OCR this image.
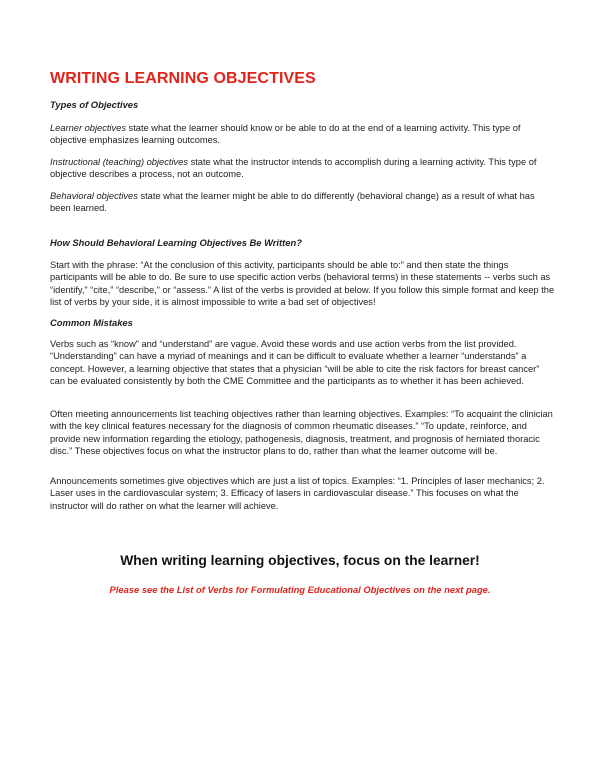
WRITING LEARNING OBJECTIVES

Types of Objectives

Learner objectives state what the learner should know or be able to do at the end of a learning activity. This type of objective emphasizes learning outcomes.

Instructional (teaching) objectives state what the instructor intends to accomplish during a learning activity. This type of objective describes a process, not an outcome.

Behavioral objectives state what the learner might be able to do differently (behavioral change) as a result of what has been learned.

How Should Behavioral Learning Objectives Be Written?

Start with the phrase: “At the conclusion of this activity, participants should be able to:” and then state the things participants will be able to do. Be sure to use specific action verbs (behavioral terms) in these statements -- verbs such as “identify,” “cite,” “describe,” or “assess.” A list of the verbs is provided at below. If you follow this simple format and keep the list of verbs by your side, it is almost impossible to write a bad set of objectives!

Common Mistakes

Verbs such as “know” and “understand” are vague. Avoid these words and use action verbs from the list provided. “Understanding” can have a myriad of meanings and it can be difficult to evaluate whether a learner “understands” a concept. However, a learning objective that states that a physician “will be able to cite the risk factors for breast cancer” can be evaluated consistently by both the CME Committee and the participants as to whether it has been achieved.

Often meeting announcements list teaching objectives rather than learning objectives. Examples: “To acquaint the clinician with the key clinical features necessary for the diagnosis of common rheumatic diseases.” “To update, reinforce, and provide new information regarding the etiology, pathogenesis, diagnosis, treatment, and prognosis of herniated thoracic disc.” These objectives focus on what the instructor plans to do, rather than what the learner outcome will be.

Announcements sometimes give objectives which are just a list of topics. Examples: “1. Principles of laser mechanics; 2. Laser uses in the cardiovascular system; 3. Efficacy of lasers in cardiovascular disease.” This focuses on what the instructor will do rather on what the learner will achieve.

When writing learning objectives, focus on the learner!

Please see the List of Verbs for Formulating Educational Objectives on the next page.
